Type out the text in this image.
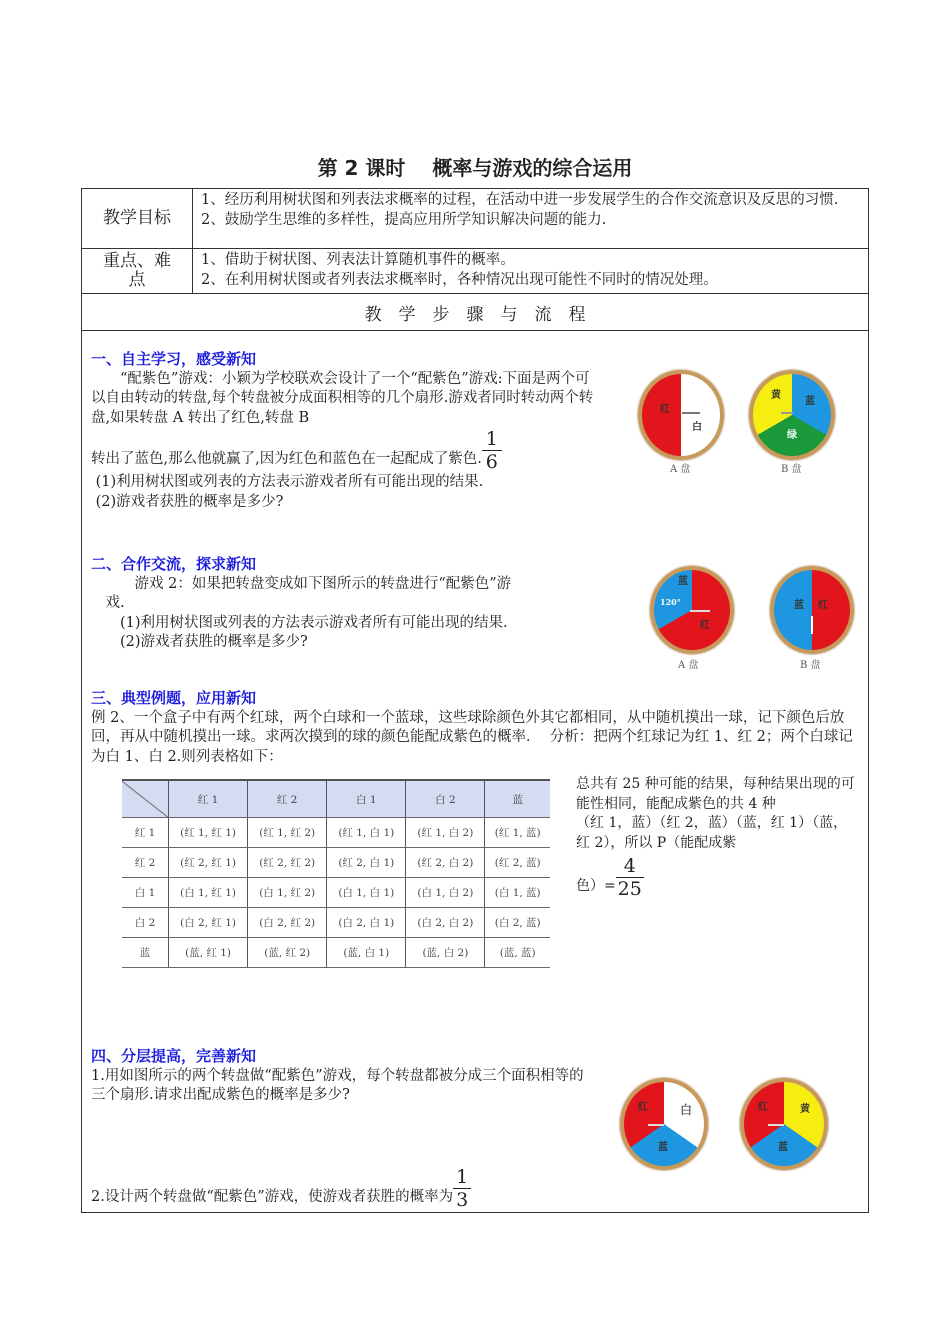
第 2 课时　 概率与游戏的综合运用
教学目标
1、经历利用树状图和列表法求概率的过程，在活动中进一步发展学生的合作交流意识及反思的习惯.
2、鼓励学生思维的多样性，提高应用所学知识解决问题的能力.
重点、难
点
1、借助于树状图、列表法计算随机事件的概率。
2、在利用树状图或者列表法求概率时，各种情况出现可能性不同时的情况处理。
教　学　步　骤　与　流　程
一、自主学习，感受新知
　　“配紫色”游戏：小颖为学校联欢会设计了一个“配紫色”游戏:下面是两个可以自由转动的转盘,每个转盘被分成面积相等的几个扇形.游戏者同时转动两个转盘,如果转盘 A 转出了红色,转盘 B
转出了蓝色,那么他就赢了,因为红色和蓝色在一起配成了紫色. $\frac{1}{6}$
(1)利用树状图或列表的方法表示游戏者所有可能出现的结果.
(2)游戏者获胜的概率是多少?
二、合作交流，探求新知
　　　游戏 2：如果把转盘变成如下图所示的转盘进行“配紫色”游
　戏.
　　(1)利用树状图或列表的方法表示游戏者所有可能出现的结果.
　　(2)游戏者获胜的概率是多少?
三、典型例题，应用新知
例 2、一个盒子中有两个红球，两个白球和一个蓝球，这些球除颜色外其它都相同，从中随机摸出一球，记下颜色后放回，再从中随机摸出一球。求两次摸到的球的颜色能配成紫色的概率．  分析：把两个红球记为红 1、红 2；两个白球记为白 1、白 2.则列表格如下：
	红 1	红 2	白 1	白 2	蓝
红 1	(红 1, 红 1)	(红 1, 红 2)	(红 1, 白 1)	(红 1, 白 2)	(红 1, 蓝)
红 2	(红 2, 红 1)	(红 2, 红 2)	(红 2, 白 1)	(红 2, 白 2)	(红 2, 蓝)
白 1	(白 1, 红 1)	(白 1, 红 2)	(白 1, 白 1)	(白 1, 白 2)	(白 1, 蓝)
白 2	(白 2, 红 1)	(白 2, 红 2)	(白 2, 白 1)	(白 2, 白 2)	(白 2, 蓝)
蓝	(蓝, 红 1)	(蓝, 红 2)	(蓝, 白 1)	(蓝, 白 2)	(蓝, 蓝)
总共有 25 种可能的结果，每种结果出现的可能性相同，能配成紫色的共 4 种
（红 1，蓝）（红 2，蓝）（蓝，红 1）（蓝，红 2），所以 P（能配成紫
色）= $\frac{4}{25}$
四、分层提高，完善新知
1.用如图所示的两个转盘做“配紫色”游戏，每个转盘都被分成三个面积相等的三个扇形.请求出配成紫色的概率是多少?
2.设计两个转盘做“配紫色”游戏，使游戏者获胜的概率为 $\frac{1}{3}$
红
白
A 盘
黄
蓝
绿
B 盘
蓝
120°
红
A 盘
蓝 红
B 盘
红	白
蓝
红	黄
蓝
